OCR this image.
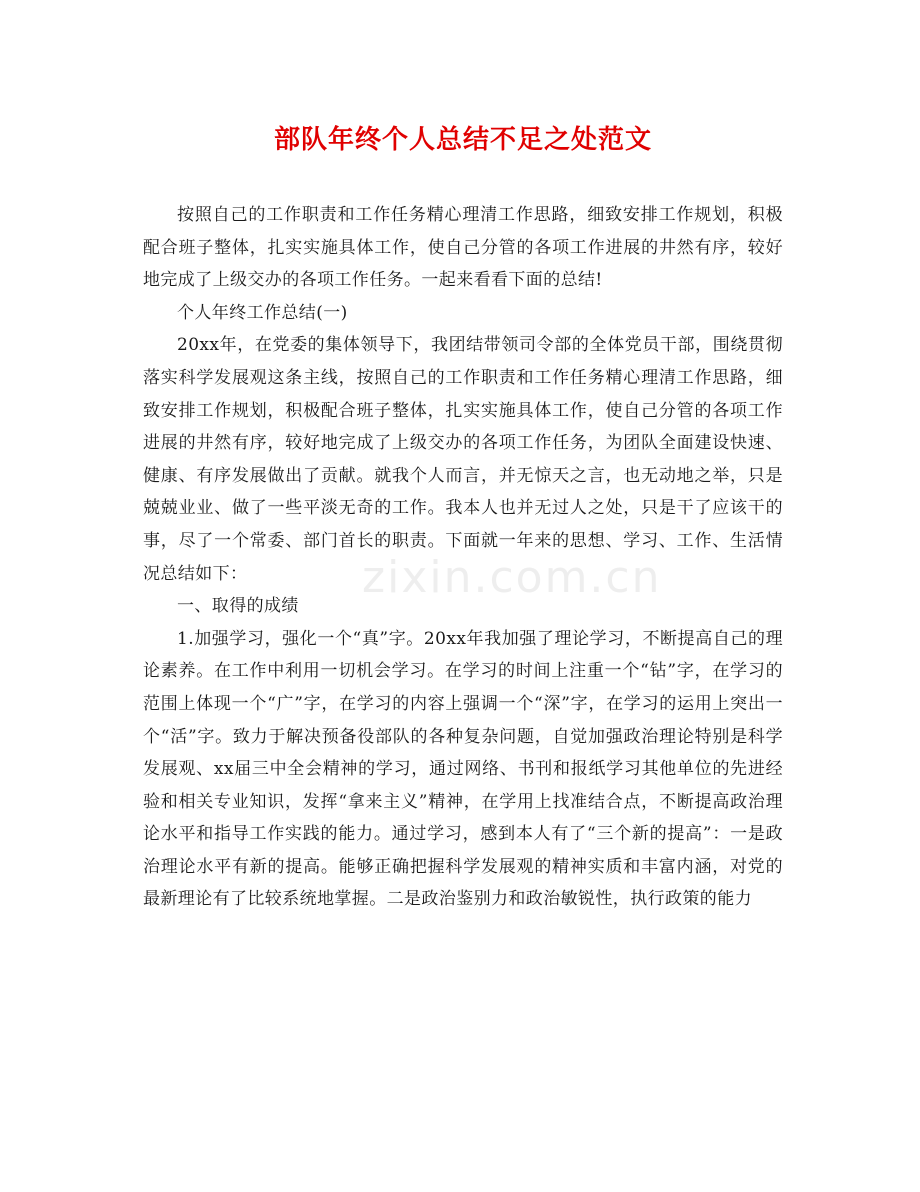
部队年终个人总结不足之处范文

按照自己的工作职责和工作任务精心理清工作思路，细致安排工作规划，积极配合班子整体，扎实实施具体工作，使自己分管的各项工作进展的井然有序，较好地完成了上级交办的各项工作任务。一起来看看下面的总结!

个人年终工作总结(一)

20xx年，在党委的集体领导下，我团结带领司令部的全体党员干部，围绕贯彻落实科学发展观这条主线，按照自己的工作职责和工作任务精心理清工作思路，细致安排工作规划，积极配合班子整体，扎实实施具体工作，使自己分管的各项工作进展的井然有序，较好地完成了上级交办的各项工作任务，为团队全面建设快速、健康、有序发展做出了贡献。就我个人而言，并无惊天之言，也无动地之举，只是兢兢业业、做了一些平淡无奇的工作。我本人也并无过人之处，只是干了应该干的事，尽了一个常委、部门首长的职责。下面就一年来的思想、学习、工作、生活情况总结如下：

一、取得的成绩

1.加强学习，强化一个“真”字。20xx年我加强了理论学习，不断提高自己的理论素养。在工作中利用一切机会学习。在学习的时间上注重一个“钻”字，在学习的范围上体现一个“广”字，在学习的内容上强调一个“深”字，在学习的运用上突出一个“活”字。致力于解决预备役部队的各种复杂问题，自觉加强政治理论特别是科学发展观、xx届三中全会精神的学习，通过网络、书刊和报纸学习其他单位的先进经验和相关专业知识，发挥“拿来主义”精神，在学用上找准结合点，不断提高政治理论水平和指导工作实践的能力。通过学习，感到本人有了“三个新的提高”：一是政治理论水平有新的提高。能够正确把握科学发展观的精神实质和丰富内涵，对党的最新理论有了比较系统地掌握。二是政治鉴别力和政治敏锐性，执行政策的能力

zixin.com.cn
